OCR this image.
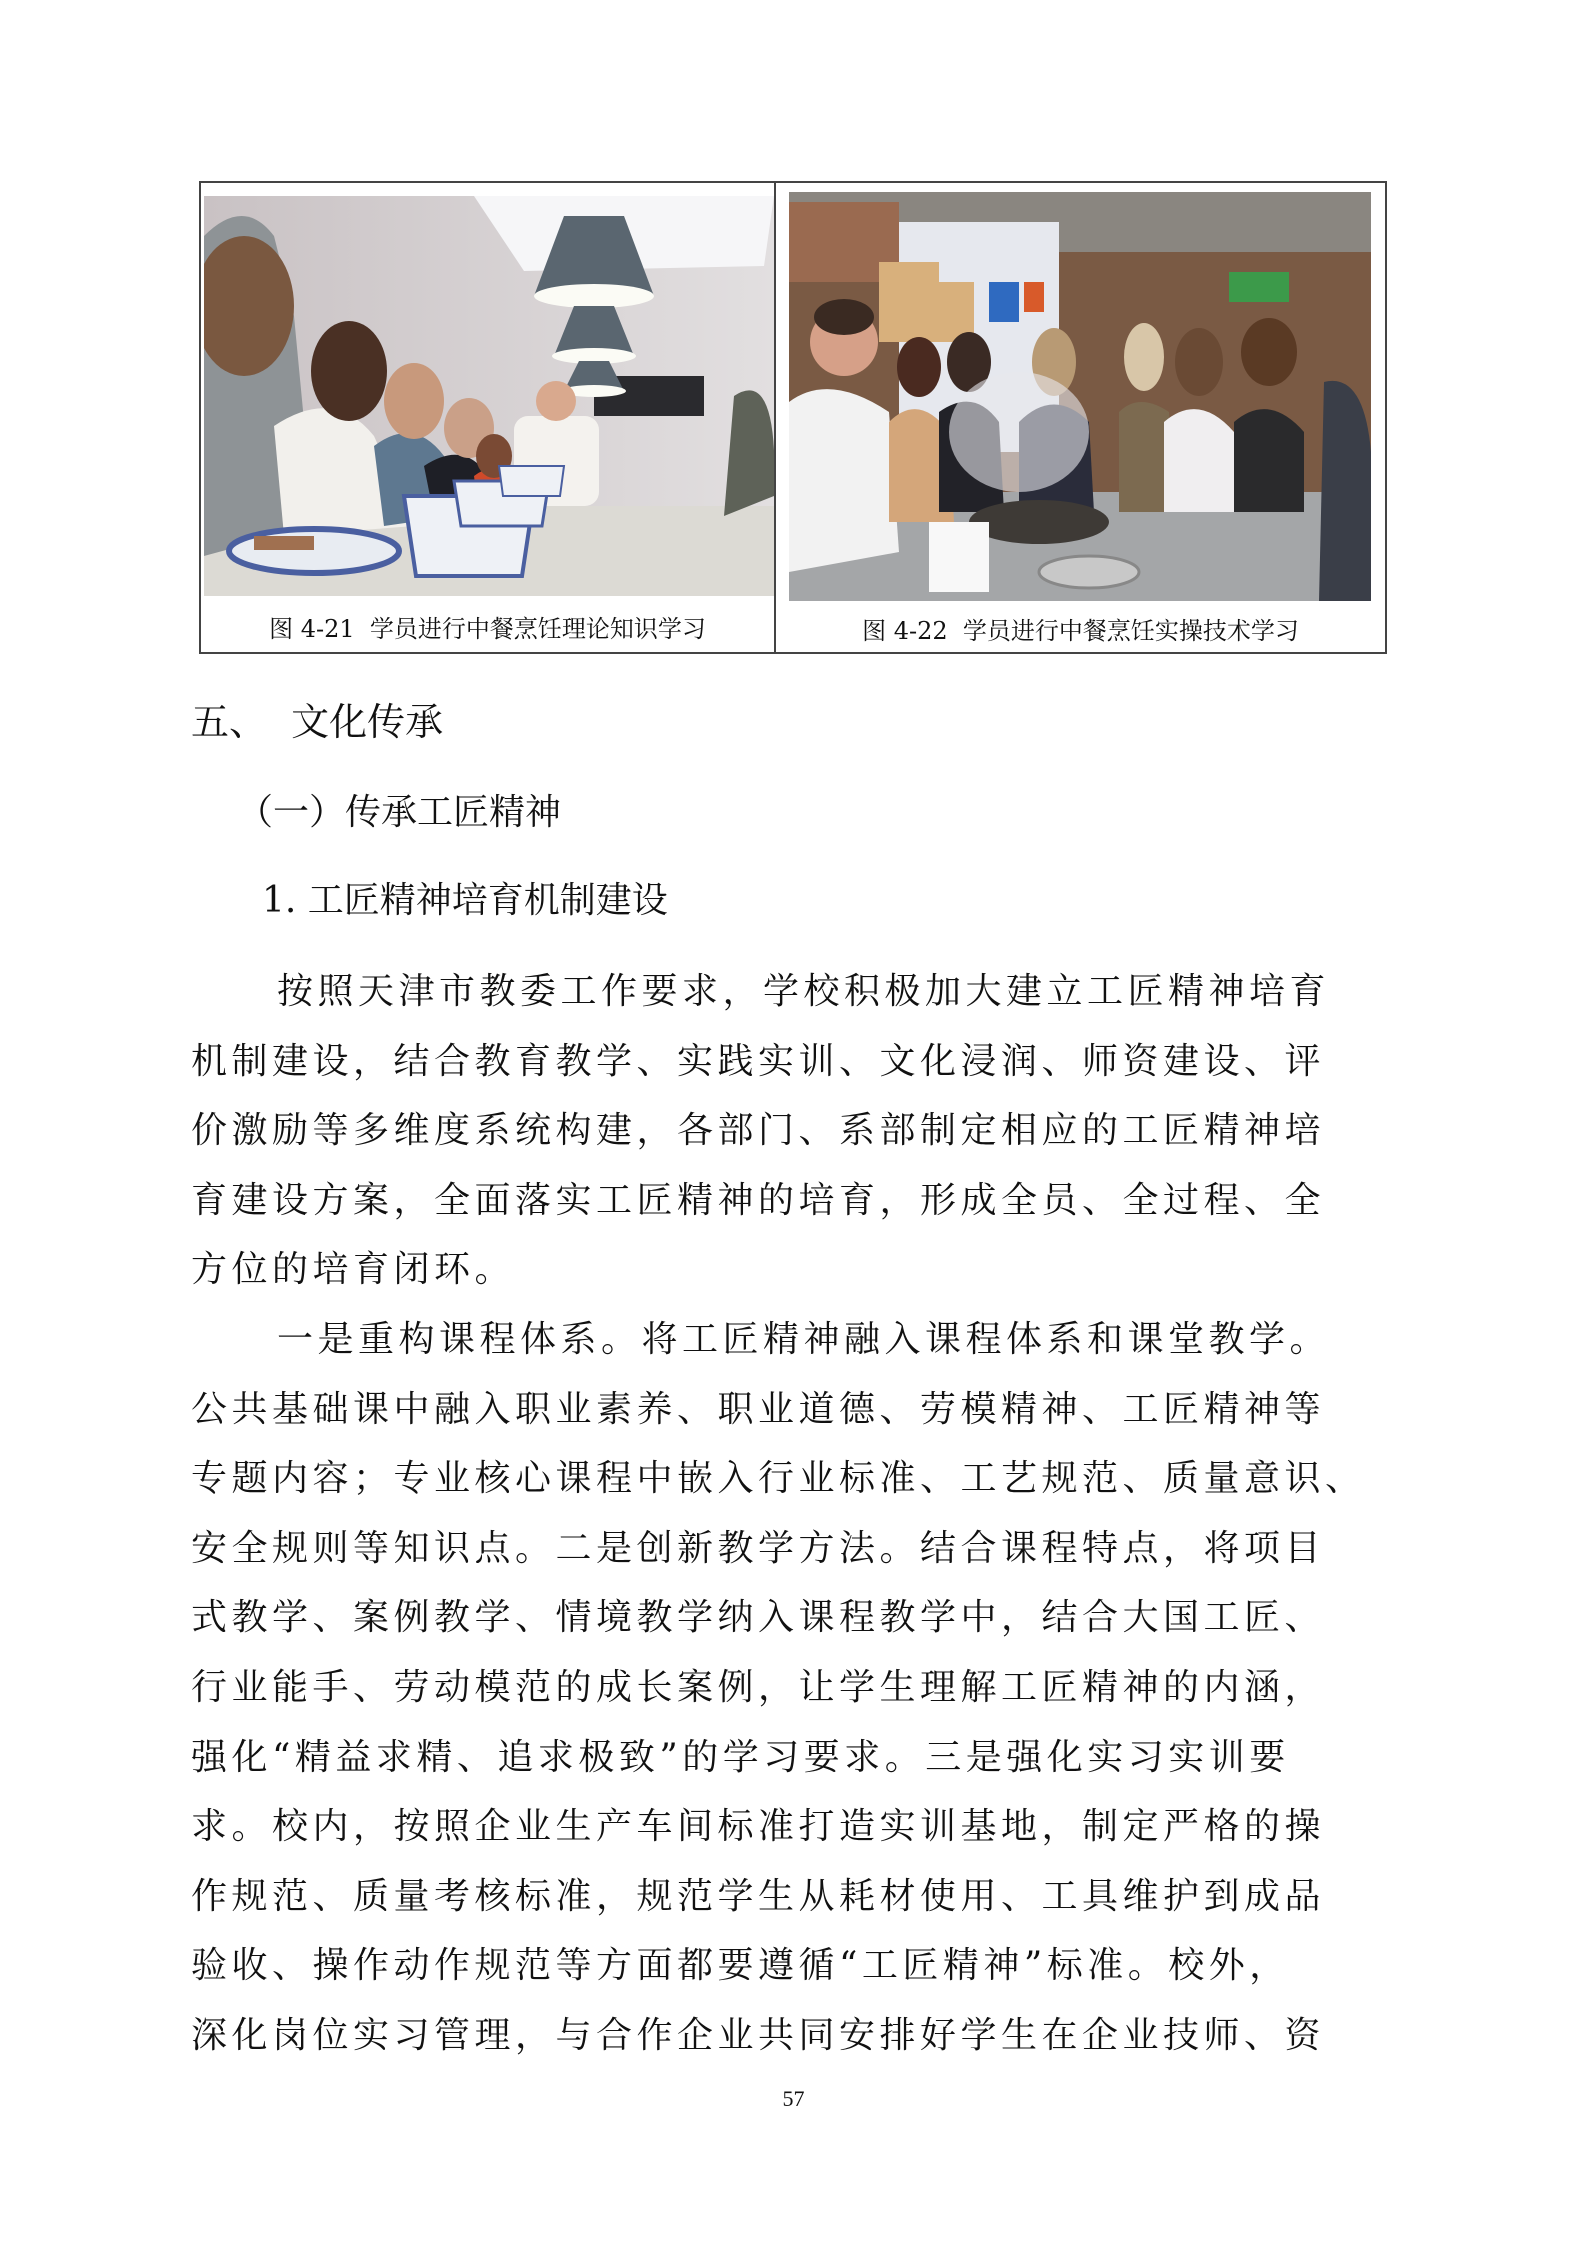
图 4-21  学员进行中餐烹饪理论知识学习	图 4-22  学员进行中餐烹饪实操技术学习
五、  文化传承
（一）传承工匠精神
1. 工匠精神培育机制建设

按照天津市教委工作要求，学校积极加大建立工匠精神培育
机制建设，结合教育教学、实践实训、文化浸润、师资建设、评
价激励等多维度系统构建，各部门、系部制定相应的工匠精神培
育建设方案，全面落实工匠精神的培育，形成全员、全过程、全
方位的培育闭环。

一是重构课程体系。将工匠精神融入课程体系和课堂教学。
公共基础课中融入职业素养、职业道德、劳模精神、工匠精神等
专题内容；专业核心课程中嵌入行业标准、工艺规范、质量意识、
安全规则等知识点。二是创新教学方法。结合课程特点，将项目
式教学、案例教学、情境教学纳入课程教学中，结合大国工匠、
行业能手、劳动模范的成长案例，让学生理解工匠精神的内涵，
强化“精益求精、追求极致”的学习要求。三是强化实习实训要
求。校内，按照企业生产车间标准打造实训基地，制定严格的操
作规范、质量考核标准，规范学生从耗材使用、工具维护到成品
验收、操作动作规范等方面都要遵循“工匠精神”标准。校外，
深化岗位实习管理，与合作企业共同安排好学生在企业技师、资

57
